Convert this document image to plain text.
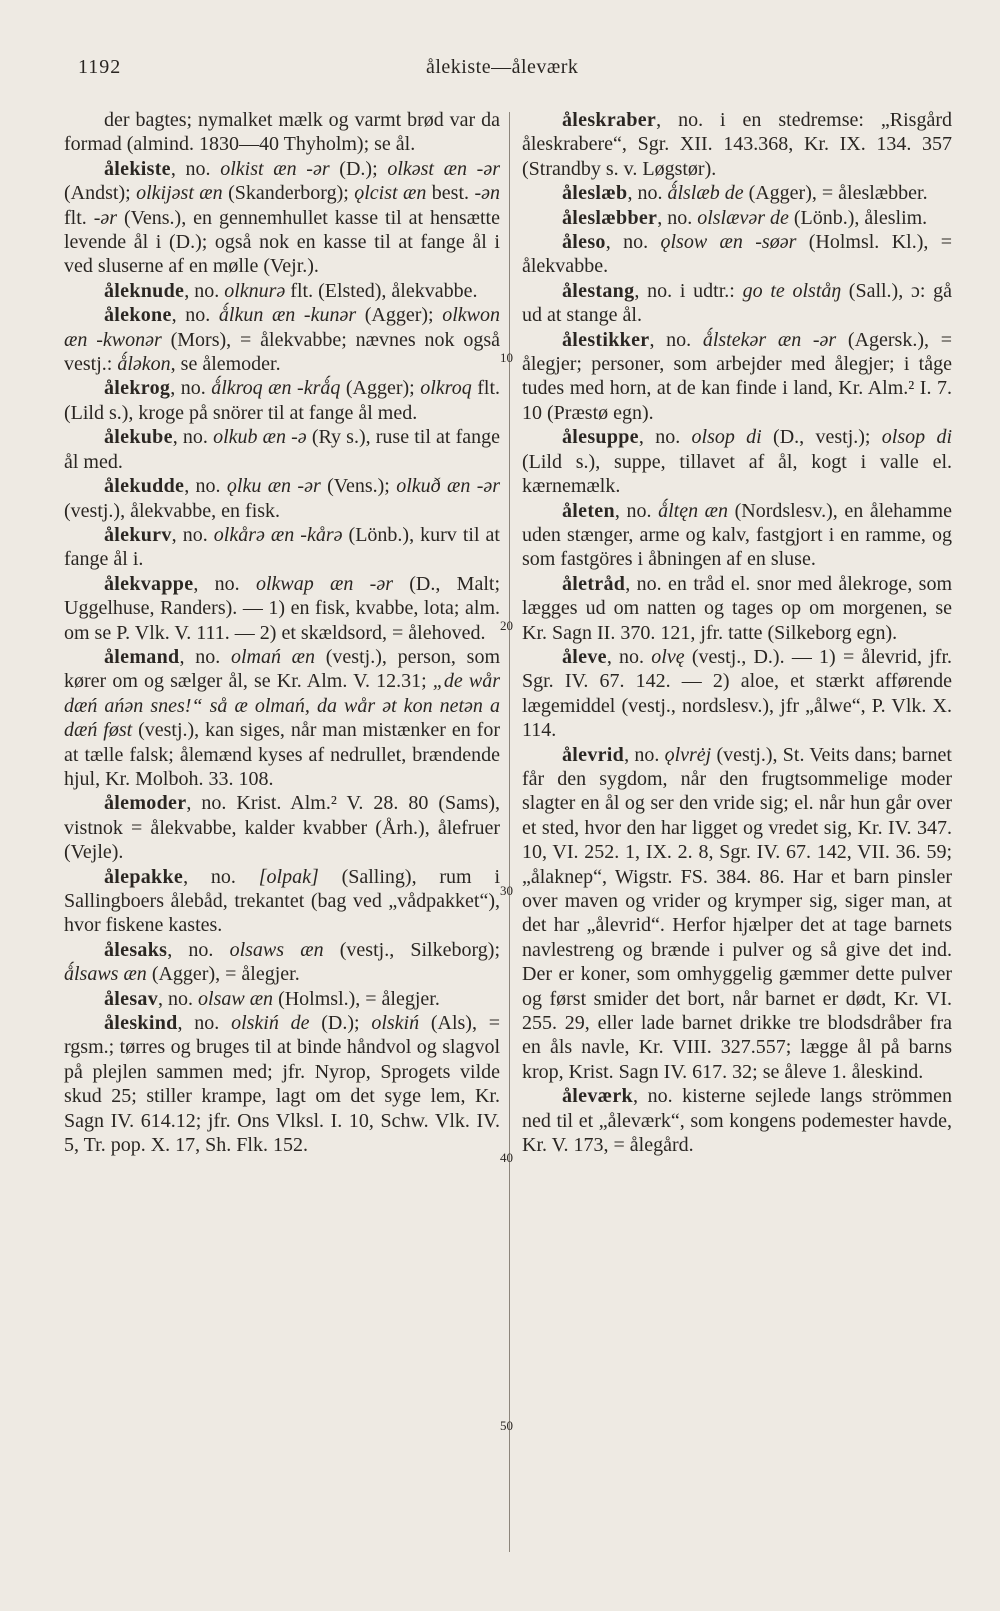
1192	ålekiste—åleværk

der bagtes; nymalket mælk og varmt brød var da formad (almind. 1830—40 Thyholm); se ål.

ålekiste, no. olkist æn -ər (D.); olkəst æn -ər (Andst); olkijəst æn (Skanderborg); ǫlcist æn best. -ən flt. -ər (Vens.), en gennemhullet kasse til at hensætte levende ål i (D.); også nok en kasse til at fange ål i ved sluserne af en mølle (Vejr.).

åleknude, no. olknurə flt. (Elsted), ålekvabbe.

ålekone, no. ǻlkun æn -kunər (Agger); olkwon æn -kwonər (Mors), = ålekvabbe; nævnes nok også vestj.: ǻləkon, se ålemoder.

ålekrog, no. ǻlkroq æn -krǻq (Agger); olkroq flt. (Lild s.), kroge på snörer til at fange ål med.

ålekube, no. olkub æn -ə (Ry s.), ruse til at fange ål med.

ålekudde, no. ǫlku æn -ər (Vens.); olkuð æn -ər (vestj.), ålekvabbe, en fisk.

ålekurv, no. olkårə æn -kårə (Lönb.), kurv til at fange ål i.

ålekvappe, no. olkwap æn -ər (D., Malt; Uggelhuse, Randers). — 1) en fisk, kvabbe, lota; alm. om se P. Vlk. V. 111. — 2) et skældsord, = ålehoved.

ålemand, no. olmań æn (vestj.), person, som kører om og sælger ål, se Kr. Alm. V. 12.31; „de wår dæń ańən snes!“ så æ olmań, da wår ət kon netən a dæń føst (vestj.), kan siges, når man mistænker en for at tælle falsk; ålemænd kyses af nedrullet, brændende hjul, Kr. Molboh. 33. 108.

ålemoder, no. Krist. Alm.² V. 28. 80 (Sams), vistnok = ålekvabbe, kalder kvabber (Årh.), ålefruer (Vejle).

ålepakke, no. [olpak] (Salling), rum i Sallingboers ålebåd, trekantet (bag ved „vådpakket“), hvor fiskene kastes.

ålesaks, no. olsaws æn (vestj., Silkeborg); ǻlsaws æn (Agger), = ålegjer.

ålesav, no. olsaw æn (Holmsl.), = ålegjer.

åleskind, no. olskiń de (D.); olskiń (Als), = rgsm.; tørres og bruges til at binde håndvol og slagvol på plejlen sammen med; jfr. Nyrop, Sprogets vilde skud 25; stiller krampe, lagt om det syge lem, Kr. Sagn IV. 614.12; jfr. Ons Vlksl. I. 10, Schw. Vlk. IV. 5, Tr. pop. X. 17, Sh. Flk. 152.

åleskraber, no. i en stedremse: „Risgård åleskrabere“, Sgr. XII. 143.368, Kr. IX. 134. 357 (Strandby s. v. Løgstør).

åleslæb, no. ǻlslæb de (Agger), = åleslæbber.

åleslæbber, no. olslævər de (Lönb.), åleslim.

åleso, no. ǫlsow æn -søər (Holmsl. Kl.), = ålekvabbe.

ålestang, no. i udtr.: go te olståŋ (Sall.), ɔ: gå ud at stange ål.

ålestikker, no. ǻlstekər æn -ər (Agersk.), = ålegjer; personer, som arbejder med ålegjer; i tåge tudes med horn, at de kan finde i land, Kr. Alm.² I. 7. 10 (Præstø egn).

ålesuppe, no. olsop di (D., vestj.); olsop di (Lild s.), suppe, tillavet af ål, kogt i valle el. kærnemælk.

åleten, no. ǻltęn æn (Nordslesv.), en ålehamme uden stænger, arme og kalv, fastgjort i en ramme, og som fastgöres i åbningen af en sluse.

åletråd, no. en tråd el. snor med ålekroge, som lægges ud om natten og tages op om morgenen, se Kr. Sagn II. 370. 121, jfr. tatte (Silkeborg egn).

åleve, no. olvę (vestj., D.). — 1) = ålevrid, jfr. Sgr. IV. 67. 142. — 2) aloe, et stærkt afførende lægemiddel (vestj., nordslesv.), jfr „ålwe“, P. Vlk. X. 114.

ålevrid, no. ǫlvrėj (vestj.), St. Veits dans; barnet får den sygdom, når den frugtsommelige moder slagter en ål og ser den vride sig; el. når hun går over et sted, hvor den har ligget og vredet sig, Kr. IV. 347. 10, VI. 252. 1, IX. 2. 8, Sgr. IV. 67. 142, VII. 36. 59; „ålaknep“, Wigstr. FS. 384. 86. Har et barn pinsler over maven og vrider og krymper sig, siger man, at det har „ålevrid“. Herfor hjælper det at tage barnets navlestreng og brænde i pulver og så give det ind. Der er koner, som omhyggelig gæmmer dette pulver og først smider det bort, når barnet er dødt, Kr. VI. 255. 29, eller lade barnet drikke tre blodsdråber fra en åls navle, Kr. VIII. 327.557; lægge ål på barns krop, Krist. Sagn IV. 617. 32; se åleve 1. åleskind.

åleværk, no. kisterne sejlede langs strömmen ned til et „åleværk“, som kongens podemester havde, Kr. V. 173, = ålegård.

10
20
30
40
50
